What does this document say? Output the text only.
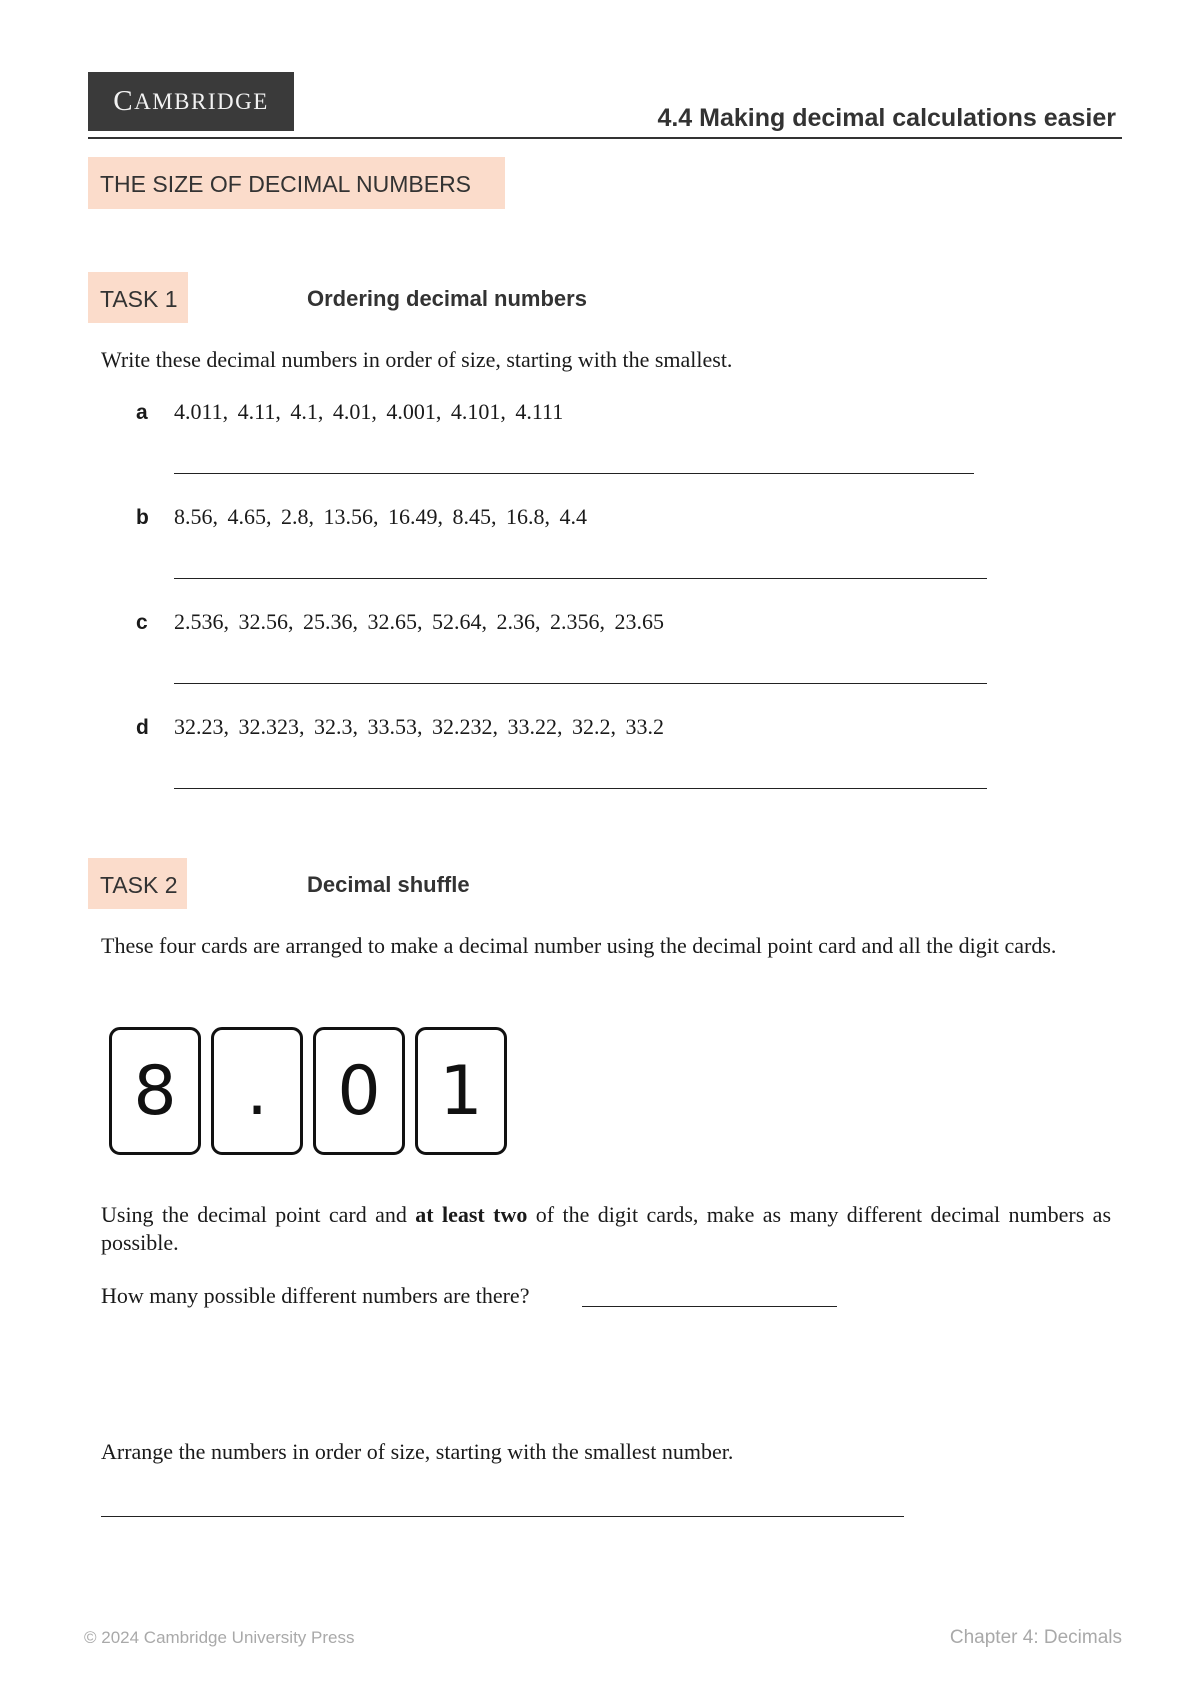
C AMBRIDGE
4.4 Making decimal calculations easier
THE SIZE OF DECIMAL NUMBERS
TASK 1	Ordering decimal numbers
Write these decimal numbers in order of size, starting with the smallest.
a 4.011, 4.11, 4.1, 4.01, 4.001, 4.101, 4.111
b 8.56, 4.65, 2.8, 13.56, 16.49, 8.45, 16.8, 4.4
c 2.536, 32.56, 25.36, 32.65, 52.64, 2.36, 2.356, 23.65
d 32.23, 32.323, 32.3, 33.53, 32.232, 33.22, 32.2, 33.2
TASK 2	Decimal shuffle
These four cards are arranged to make a decimal number using the decimal point card and all the digit cards.
8	.	0 1
Using the decimal point card and at least two of the digit cards, make as many different decimal numbers as possible.
How many possible different numbers are there?
Arrange the numbers in order of size, starting with the smallest number.
© 2024 Cambridge University Press	Chapter 4: Decimals
